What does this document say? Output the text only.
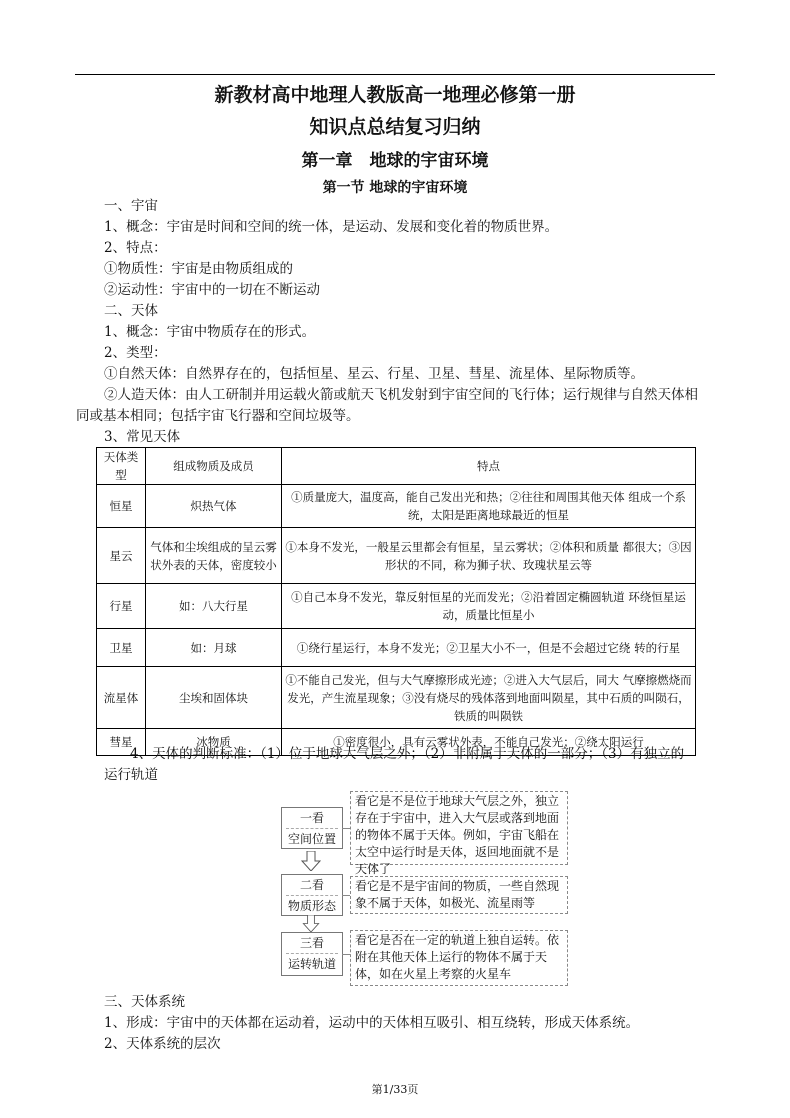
新教材高中地理人教版高一地理必修第一册
知识点总结复习归纳
第一章　地球的宇宙环境
第一节 地球的宇宙环境
一、宇宙
1、概念：宇宙是时间和空间的统一体，是运动、发展和变化着的物质世界。
2、特点：
①物质性：宇宙是由物质组成的
②运动性：宇宙中的一切在不断运动
二、天体
1、概念：宇宙中物质存在的形式。
2、类型：
①自然天体：自然界存在的，包括恒星、星云、行星、卫星、彗星、流星体、星际物质等。
②人造天体：由人工研制并用运载火箭或航天飞机发射到宇宙空间的飞行体；运行规律与自然天体相
同或基本相同；包括宇宙飞行器和空间垃圾等。
3、常见天体
天体类型	组成物质及成员	特点
恒星	炽热气体	①质量庞大，温度高，能自己发出光和热；②往往和周围其他天体 组成一个系统，太阳是距离地球最近的恒星
星云	气体和尘埃组成的呈云雾状外表的天体，密度较小	①本身不发光，一般星云里都会有恒星，呈云雾状；②体积和质量 都很大；③因形状的不同，称为狮子状、玫瑰状星云等
行星	如：八大行星	①自己本身不发光，靠反射恒星的光而发光；②沿着固定椭圆轨道 环绕恒星运动，质量比恒星小
卫星	如：月球	①绕行星运行，本身不发光；②卫星大小不一，但是不会超过它绕 转的行星
流星体	尘埃和固体块	①不能自己发光，但与大气摩擦形成光迹；②进入大气层后，同大 气摩擦燃烧而发光，产生流星现象；③没有烧尽的残体落到地面叫陨星，其中石质的叫陨石，铁质的叫陨铁
彗星	冰物质	①密度很小，具有云雾状外表，不能自己发光；②绕太阳运行
4、天体的判断标准：（1）位于地球大气层之外；（2）非附属于天体的一部分；（3）有独立的
运行轨道
一看
空间位置
二看
物质形态
三看
运转轨道
看它是不是位于地球大气层之外，独立存在于宇宙中，进入大气层或落到地面的物体不属于天体。例如，宇宙飞船在太空中运行时是天体，返回地面就不是天体了
看它是不是宇宙间的物质，一些自然现象不属于天体，如极光、流星雨等
看它是否在一定的轨道上独自运转。依附在其他天体上运行的物体不属于天体，如在火星上考察的火星车
三、天体系统
1、形成：宇宙中的天体都在运动着，运动中的天体相互吸引、相互绕转，形成天体系统。
2、天体系统的层次
第1/33页
